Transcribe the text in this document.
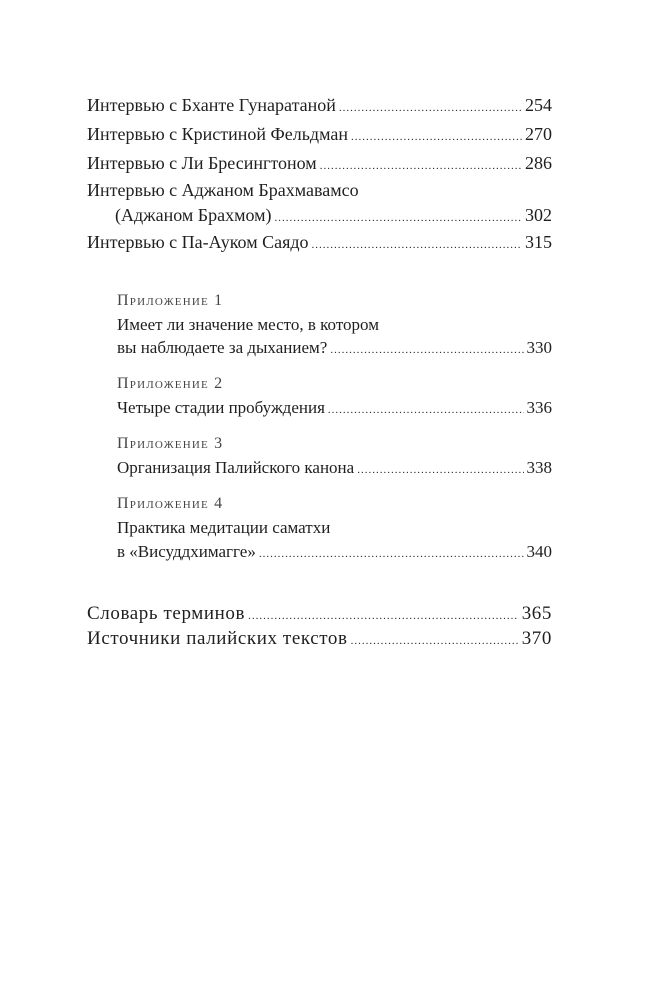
Интервью с Бханте Гунаратаной .....	254
Интервью с Кристиной Фельдман .....	270
Интервью с Ли Бресингтоном .....	286
Интервью с Аджаном Брахмавамсо
(Аджаном Брахмом) .....	302
Интервью с Па-Ауком Саядо .....	315
Приложение 1
Имеет ли значение место, в котором
вы наблюдаете за дыханием? .....	330
Приложение 2
Четыре стадии пробуждения .....	336
Приложение 3
Организация Палийского канона .....	338
Приложение 4
Практика медитации саматхи
в «Висуддхимагге» .....	340
Словарь терминов .....	365
Источники палийских текстов .....	370
